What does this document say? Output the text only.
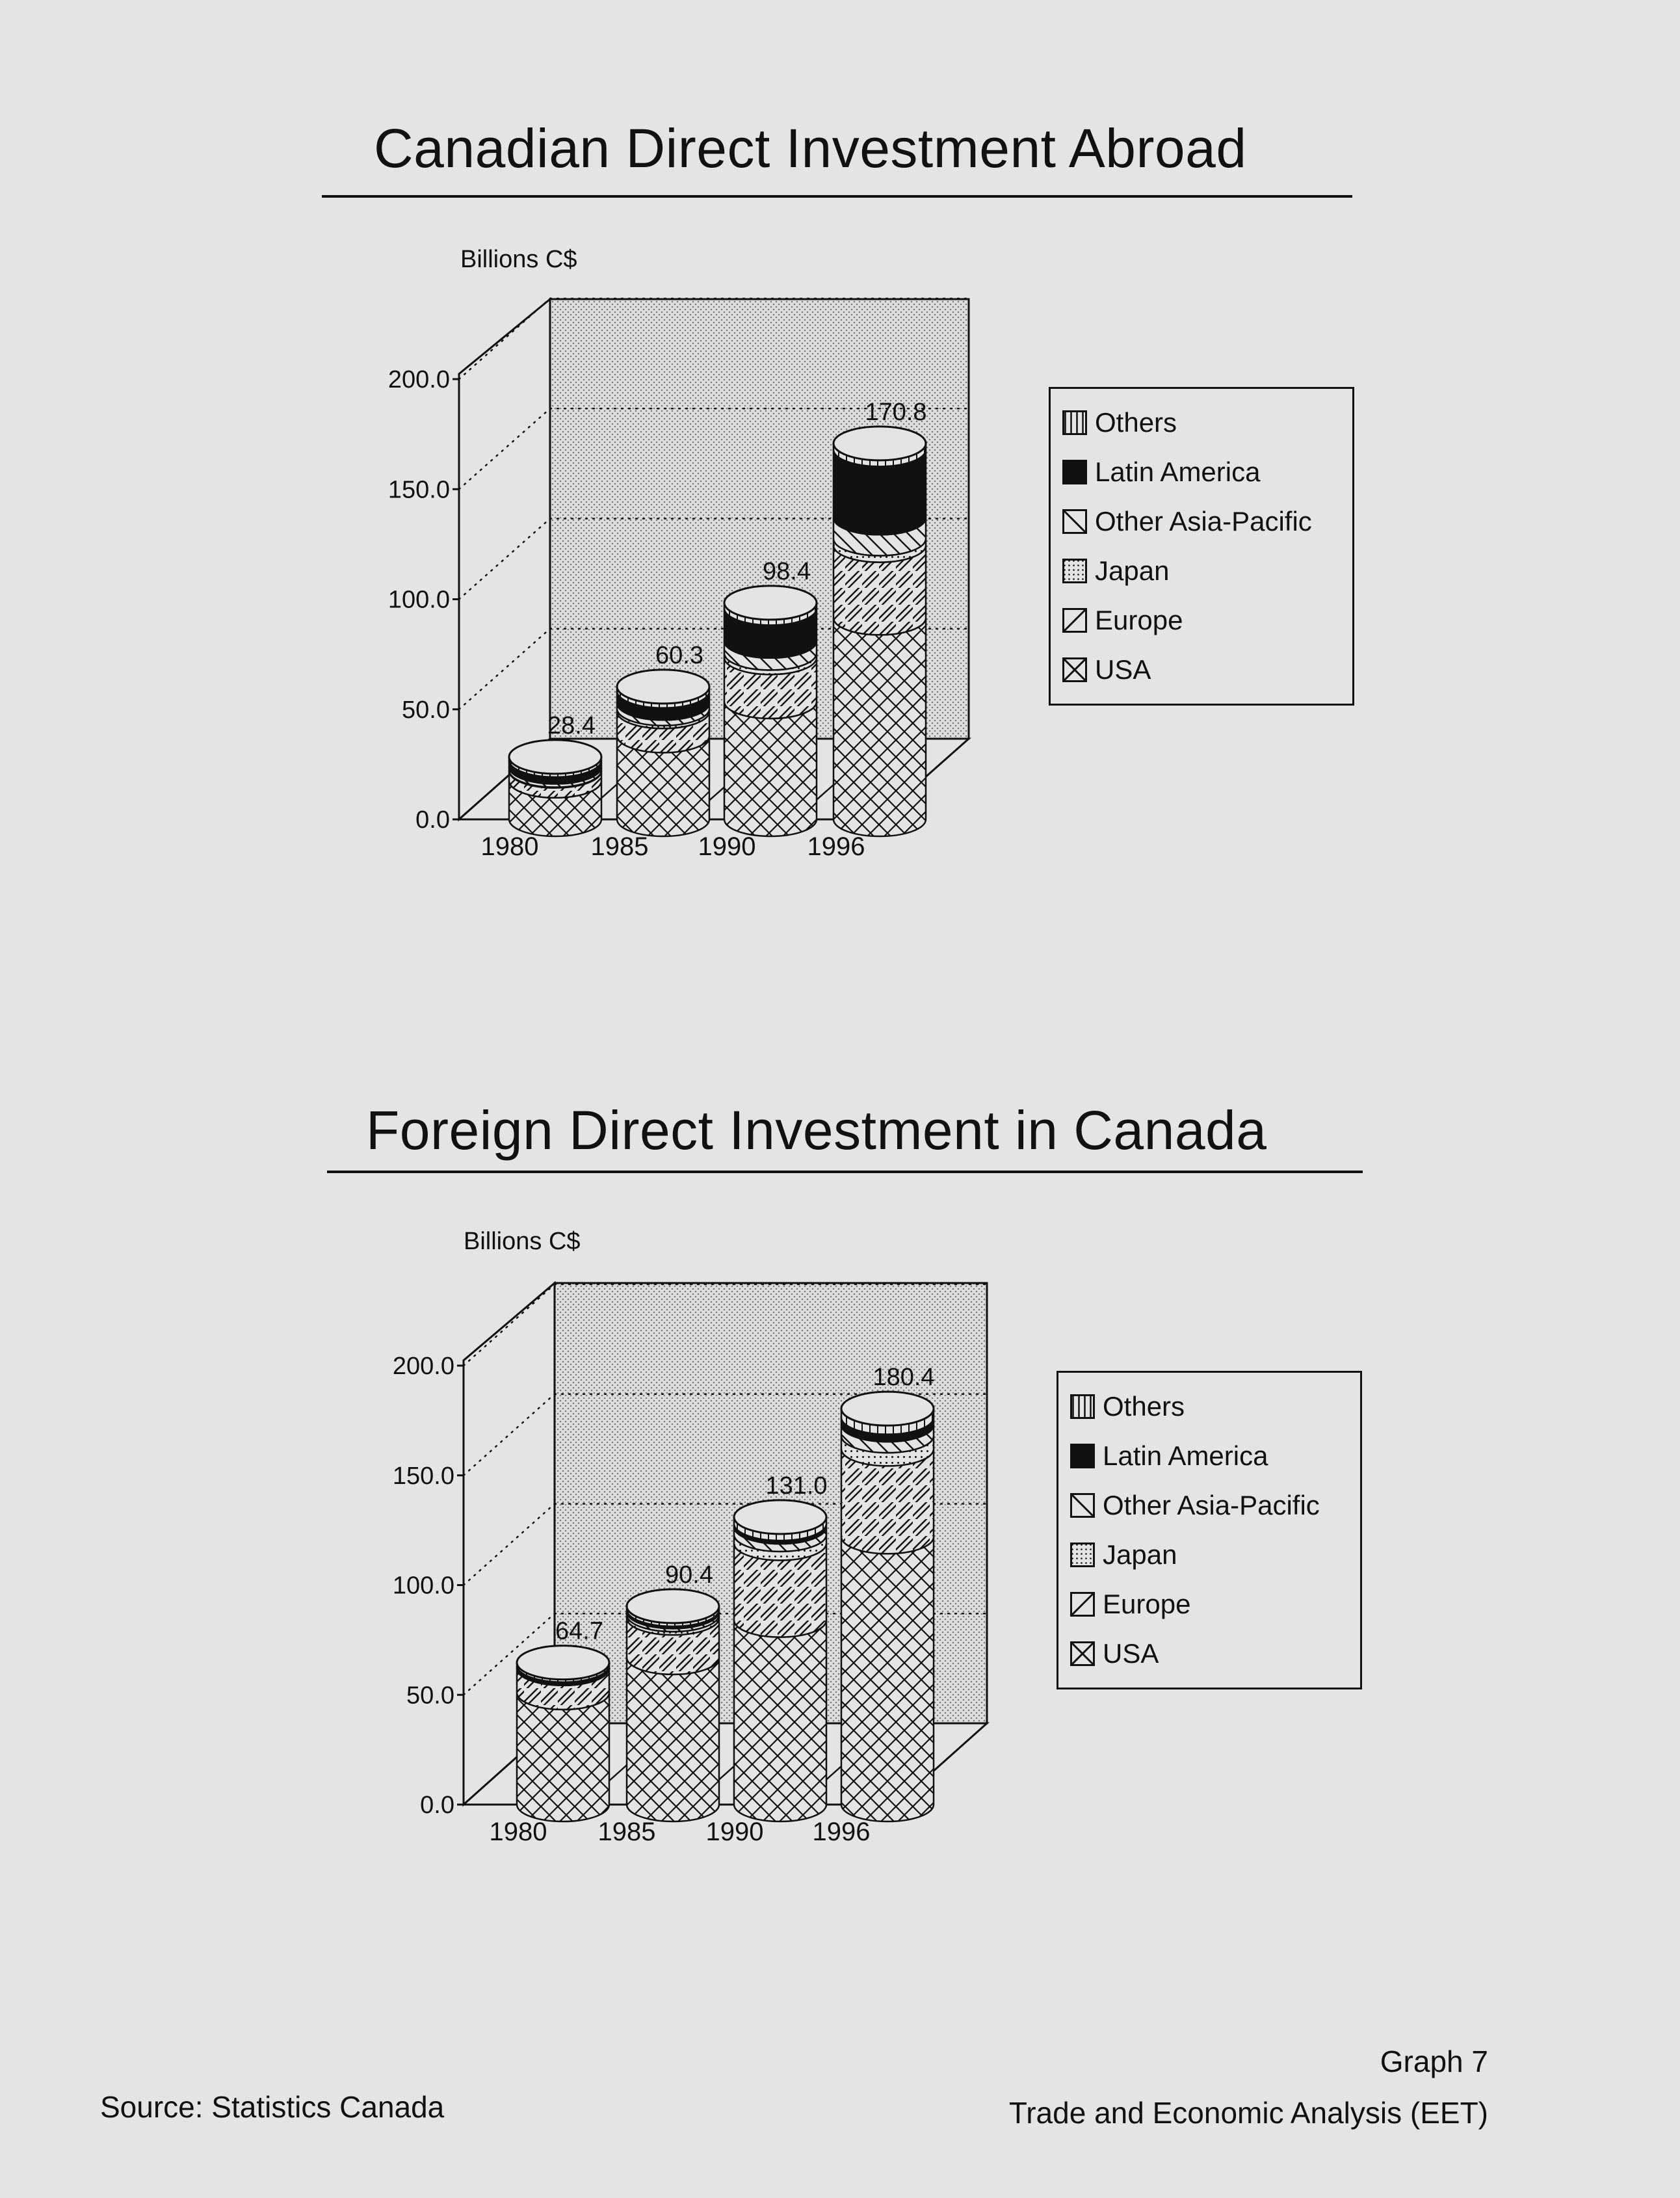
Canadian Direct Investment Abroad
Billions C$
0.0
50.0
100.0
150.0
200.0
28.4
60.3
98.4
170.8
1980 1985 1990 1996
Others
Latin America
Other Asia-Pacific
Japan
Europe
USA
Foreign Direct Investment in Canada
Billions C$
0.0
50.0
100.0
150.0
200.0
64.7
90.4
131.0
180.4
1980 1985 1990 1996
Others
Latin America
Other Asia-Pacific
Japan
Europe
USA
Source: Statistics Canada
Graph 7
Trade and Economic Analysis (EET)
